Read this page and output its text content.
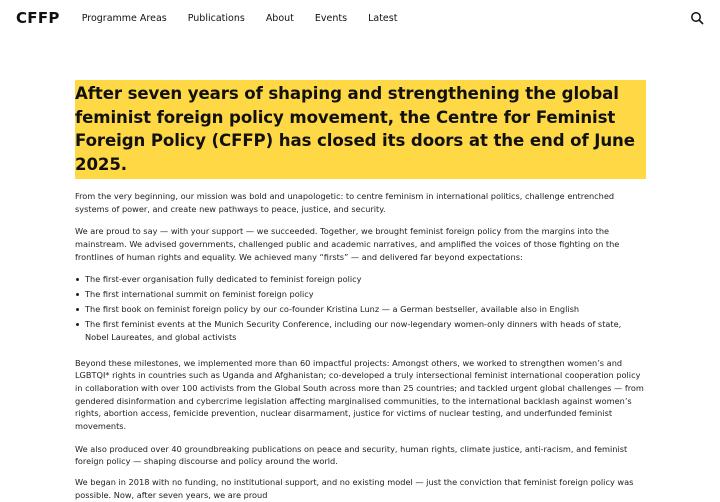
CFFP Programme Areas Publications About Events Latest
After seven years of shaping and strengthening the global feminist foreign policy movement, the Centre for Feminist Foreign Policy (CFFP) has closed its doors at the end of June 2025.

From the very beginning, our mission was bold and unapologetic: to centre feminism in international politics, challenge entrenched systems of power, and create new pathways to peace, justice, and security.

We are proud to say — with your support — we succeeded. Together, we brought feminist foreign policy from the margins into the mainstream. We advised governments, challenged public and academic narratives, and amplified the voices of those fighting on the frontlines of human rights and equality. We achieved many “firsts” — and delivered far beyond expectations:

The first-ever organisation fully dedicated to feminist foreign policy
The first international summit on feminist foreign policy
The first book on feminist foreign policy by our co-founder Kristina Lunz — a German bestseller, available also in English
The first feminist events at the Munich Security Conference, including our now-legendary women-only dinners with heads of state, Nobel Laureates, and global activists

Beyond these milestones, we implemented more than 60 impactful projects: Amongst others, we worked to strengthen women’s and LGBTQI* rights in countries such as Uganda and Afghanistan; co-developed a truly intersectional feminist international cooperation policy in collaboration with over 100 activists from the Global South across more than 25 countries; and tackled urgent global challenges — from gendered disinformation and cybercrime legislation affecting marginalised communities, to the international backlash against women’s rights, abortion access, femicide prevention, nuclear disarmament, justice for victims of nuclear testing, and underfunded feminist movements.

We also produced over 40 groundbreaking publications on peace and security, human rights, climate justice, anti-racism, and feminist foreign policy — shaping discourse and policy around the world.

We began in 2018 with no funding, no institutional support, and no existing model — just the conviction that feminist foreign policy was possible. Now, after seven years, we are proud
